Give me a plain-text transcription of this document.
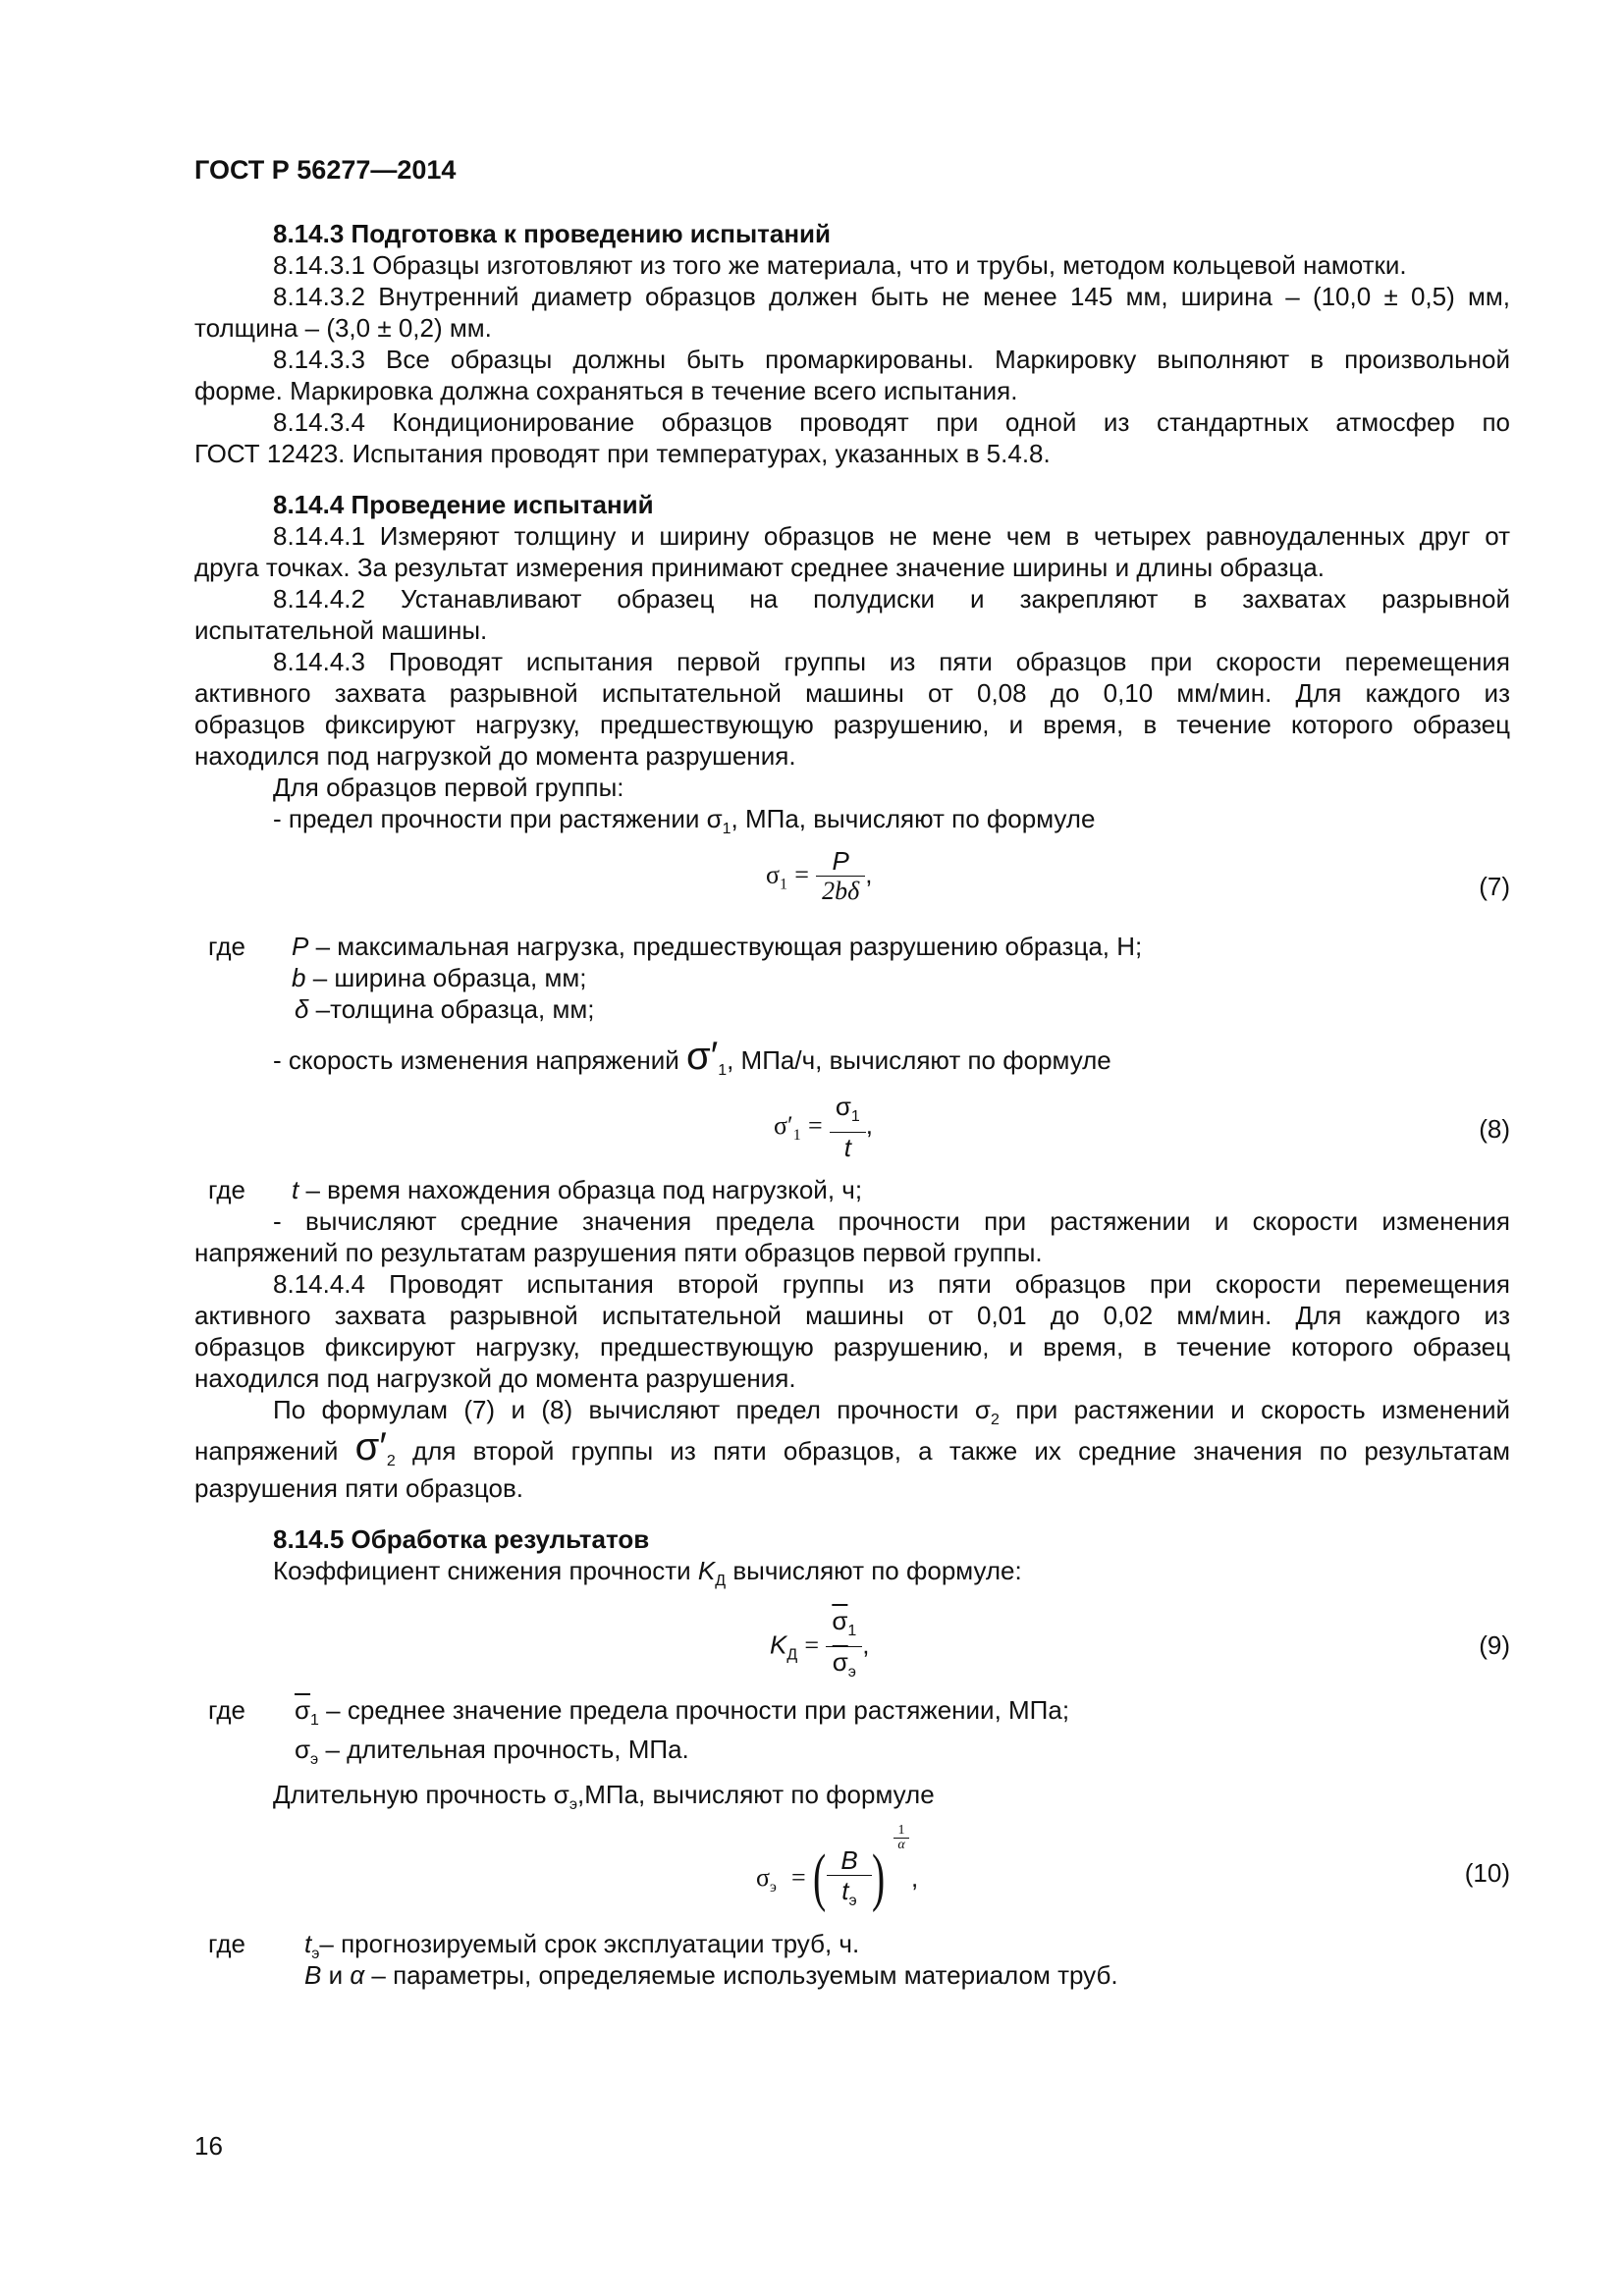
ГОСТ Р 56277—2014
8.14.3 Подготовка к проведению испытаний
8.14.3.1 Образцы изготовляют из того же материала, что и трубы, методом кольцевой намотки.
8.14.3.2 Внутренний диаметр образцов должен быть не менее 145 мм, ширина – (10,0 ± 0,5) мм,
толщина – (3,0 ± 0,2) мм.
8.14.3.3 Все образцы должны быть промаркированы. Маркировку выполняют в произвольной
форме. Маркировка должна сохраняться в течение всего испытания.
8.14.3.4 Кондиционирование образцов проводят при одной из стандартных атмосфер по
ГОСТ 12423. Испытания проводят при температурах, указанных в 5.4.8.
8.14.4 Проведение испытаний
8.14.4.1 Измеряют толщину и ширину образцов не мене чем в четырех равноудаленных друг от
друга точках. За результат измерения принимают среднее значение ширины и длины образца.
8.14.4.2 Устанавливают образец на полудиски и закрепляют в захватах разрывной
испытательной машины.
8.14.4.3 Проводят испытания первой группы из пяти образцов при скорости перемещения
активного захвата разрывной испытательной машины от 0,08 до 0,10 мм/мин. Для каждого из
образцов фиксируют нагрузку, предшествующую разрушению, и время, в течение которого образец
находился под нагрузкой до момента разрушения.
Для образцов первой группы:
- предел прочности при растяжении $\sigma_1$, МПа, вычисляют по формуле
$\sigma_1 = \frac{P}{2b\delta}$ ,	(7)
где P – максимальная нагрузка, предшествующая разрушению образца, Н;
b – ширина образца, мм;
δ –толщина образца, мм;
- скорость изменения напряжений $\sigma'_1$, МПа/ч, вычисляют по формуле
$\sigma'_1 = \frac{\sigma_1}{t}$ ,	(8)
где t – время нахождения образца под нагрузкой, ч;
- вычисляют средние значения предела прочности при растяжении и скорости изменения
напряжений по результатам разрушения пяти образцов первой группы.
8.14.4.4 Проводят испытания второй группы из пяти образцов при скорости перемещения
активного захвата разрывной испытательной машины от 0,01 до 0,02 мм/мин. Для каждого из
образцов фиксируют нагрузку, предшествующую разрушению, и время, в течение которого образец
находился под нагрузкой до момента разрушения.
По формулам (7) и (8) вычисляют предел прочности $\sigma_2$ при растяжении и скорость изменений
напряжений $\sigma'_2$ для второй группы из пяти образцов, а также их средние значения по результатам
разрушения пяти образцов.
8.14.5 Обработка результатов
Коэффициент снижения прочности $K_Д$ вычисляют по формуле:
$K_Д = \frac{\overline{\sigma}_1}{\overline{\sigma}_э}$ ,	(9)
где $\overline{\sigma}_1$ – среднее значение предела прочности при растяжении, МПа;
$\sigma_э$ – длительная прочность, МПа.
Длительную прочность $\sigma_э,МПа$, вычисляют по формуле
$\sigma_э$ = ( B
$t_э$ )
$\frac{1}{\alpha}$
,	(10)
где $t_э-$ прогнозируемый срок эксплуатации труб, ч.
B и α – параметры, определяемые используемым материалом труб.
16
